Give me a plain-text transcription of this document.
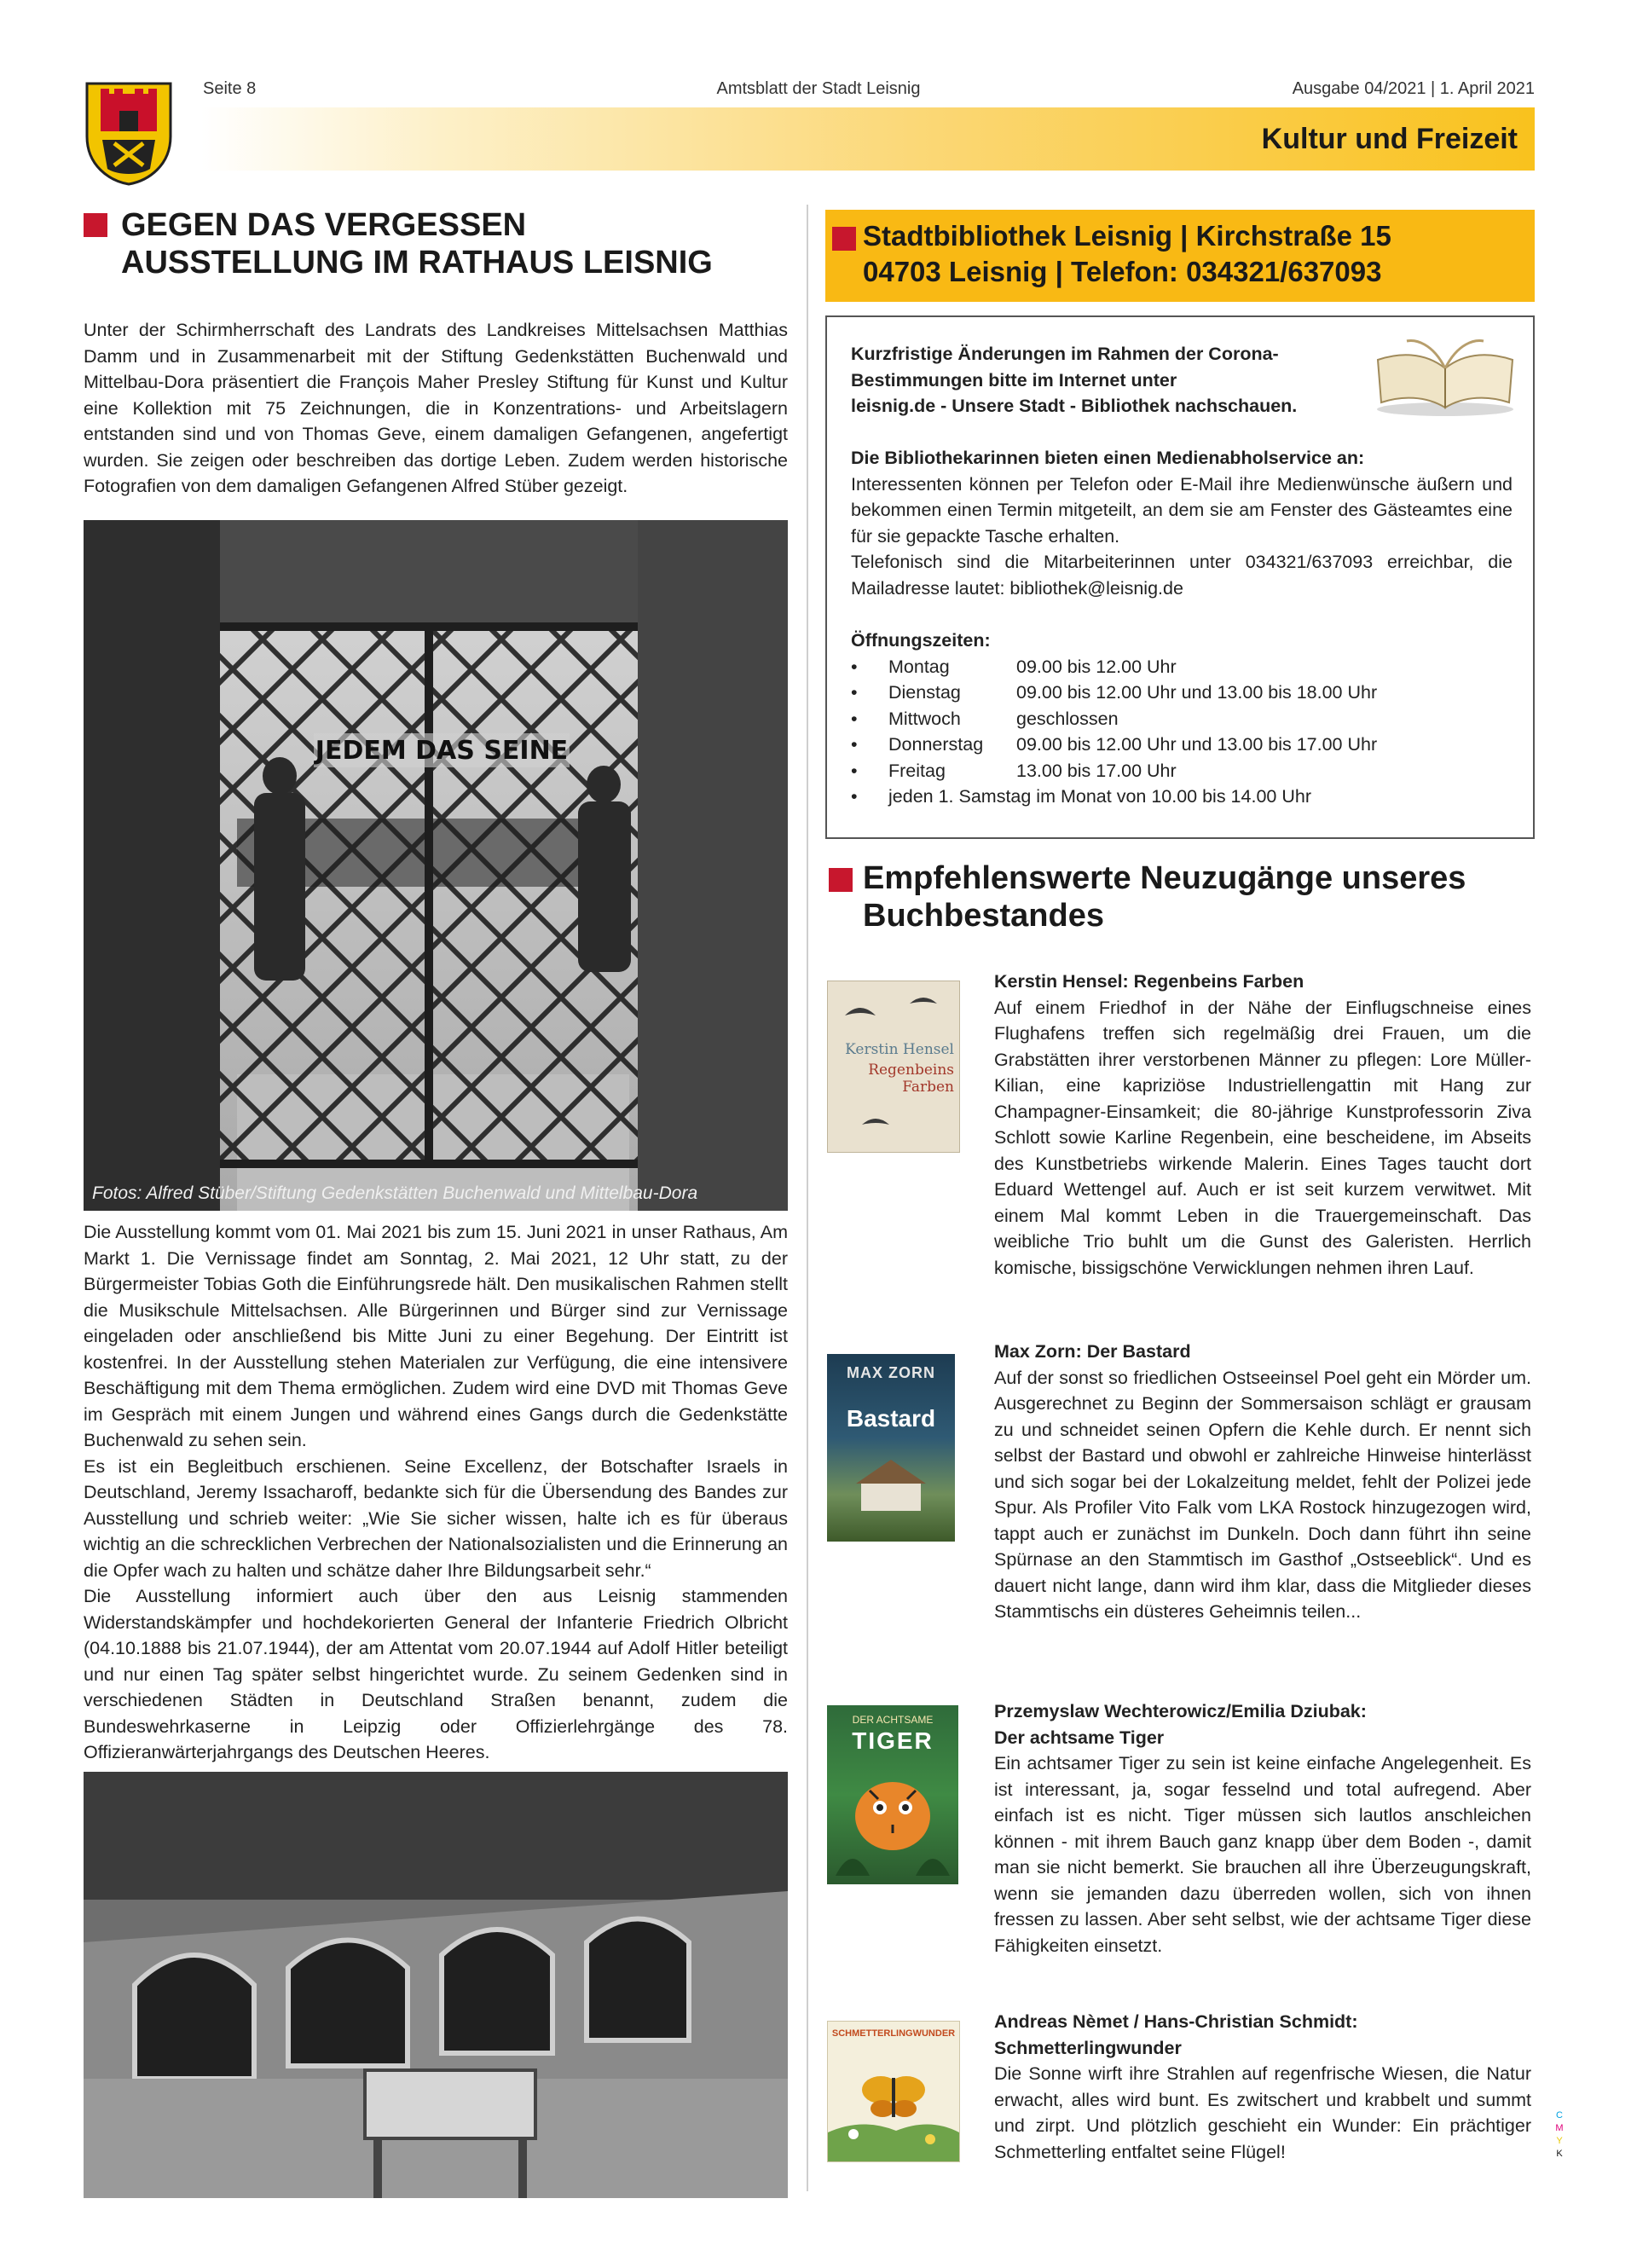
Seite 8	Amtsblatt der Stadt Leisnig	Ausgabe 04/2021 | 1. April 2021
Kultur und Freizeit
GEGEN DAS VERGESSEN
AUSSTELLUNG IM RATHAUS LEISNIG
Unter der Schirmherrschaft des Landrats des Landkreises Mittelsachsen Matthias Damm und in Zusammenarbeit mit der Stiftung Gedenkstätten Buchenwald und Mittelbau-Dora präsentiert die François Maher Presley Stiftung für Kunst und Kultur eine Kollektion mit 75 Zeichnungen, die in Konzentrations- und Arbeitslagern entstanden sind und von Thomas Geve, einem damaligen Gefangenen, angefertigt wurden. Sie zeigen oder beschreiben das dortige Leben. Zudem werden historische Fotografien von dem damaligen Gefangenen Alfred Stüber gezeigt.
JEDEM DAS SEINE
Fotos: Alfred Stüber/Stiftung Gedenkstätten Buchenwald und Mittelbau-Dora
Die Ausstellung kommt vom 01. Mai 2021 bis zum 15. Juni 2021 in unser Rathaus, Am Markt 1. Die Vernissage findet am Sonntag, 2. Mai 2021, 12 Uhr statt, zu der Bürgermeister Tobias Goth die Einführungsrede hält. Den musikalischen Rahmen stellt die Musikschule Mittelsachsen. Alle Bürgerinnen und Bürger sind zur Vernissage eingeladen oder anschließend bis Mitte Juni zu einer Begehung. Der Eintritt ist kostenfrei. In der Ausstellung stehen Materialen zur Verfügung, die eine intensivere Beschäftigung mit dem Thema ermöglichen. Zudem wird eine DVD mit Thomas Geve im Gespräch mit einem Jungen und während eines Gangs durch die Gedenkstätte Buchenwald zu sehen sein.
Es ist ein Begleitbuch erschienen. Seine Excellenz, der Botschafter Israels in Deutschland, Jeremy Issacharoff, bedankte sich für die Übersendung des Bandes zur Ausstellung und schrieb weiter: „Wie Sie sicher wissen, halte ich es für überaus wichtig an die schrecklichen Verbrechen der Nationalsozialisten und die Erinnerung an die Opfer wach zu halten und schätze daher Ihre Bildungsarbeit sehr.“
Die Ausstellung informiert auch über den aus Leisnig stammenden Widerstandskämpfer und hochdekorierten General der Infanterie Friedrich Olbricht (04.10.1888 bis 21.07.1944), der am Attentat vom 20.07.1944 auf Adolf Hitler beteiligt und nur einen Tag später selbst hingerichtet wurde. Zu seinem Gedenken sind in verschiedenen Städten in Deutschland Straßen benannt, zudem die Bundeswehrkaserne in Leipzig oder Offizierlehrgänge des 78. Offizieranwärterjahrgangs des Deutschen Heeres.
Stadtbibliothek Leisnig | Kirchstraße 15
04703 Leisnig | Telefon: 034321/637093
Kurzfristige Änderungen im Rahmen der Corona-
Bestimmungen bitte im Internet unter
leisnig.de - Unsere Stadt - Bibliothek nachschauen.
Die Bibliothekarinnen bieten einen Medienabholservice an:
Interessenten können per Telefon oder E-Mail ihre Medienwünsche äußern und bekommen einen Termin mitgeteilt, an dem sie am Fenster des Gästeamtes eine für sie gepackte Tasche erhalten.
Telefonisch sind die Mitarbeiterinnen unter 034321/637093 erreichbar, die Mailadresse lautet: bibliothek@leisnig.de
Öffnungszeiten:
•	Montag	09.00 bis 12.00 Uhr
•	Dienstag	09.00 bis 12.00 Uhr und 13.00 bis 18.00 Uhr
•	Mittwoch	geschlossen
•	Donnerstag	09.00 bis 12.00 Uhr und 13.00 bis 17.00 Uhr
•	Freitag	13.00 bis 17.00 Uhr
•	jeden 1. Samstag im Monat von 10.00 bis 14.00 Uhr
Empfehlenswerte Neuzugänge unseres
Buchbestandes
Kerstin Hensel
Regenbeins Farben
Kerstin Hensel: Regenbeins Farben
Auf einem Friedhof in der Nähe der Einflugschneise eines Flughafens treffen sich regelmäßig drei Frauen, um die Grabstätten ihrer verstorbenen Männer zu pflegen: Lore Müller-Kilian, eine kapriziöse Industriellengattin mit Hang zur Champagner-Einsamkeit; die 80-jährige Kunstprofessorin Ziva Schlott sowie Karline Regenbein, eine bescheidene, im Abseits des Kunstbetriebs wirkende Malerin. Eines Tages taucht dort Eduard Wettengel auf. Auch er ist seit kurzem verwitwet. Mit einem Mal kommt Leben in die Trauergemeinschaft. Das weibliche Trio buhlt um die Gunst des Galeristen. Herrlich komische, bissigschöne Verwicklungen nehmen ihren Lauf.
MAX ZORN
Bastard
Max Zorn: Der Bastard
Auf der sonst so friedlichen Ostseeinsel Poel geht ein Mörder um. Ausgerechnet zu Beginn der Sommersaison schlägt er grausam zu und schneidet seinen Opfern die Kehle durch. Er nennt sich selbst der Bastard und obwohl er zahlreiche Hinweise hinterlässt und sich sogar bei der Lokalzeitung meldet, fehlt der Polizei jede Spur. Als Profiler Vito Falk vom LKA Rostock hinzugezogen wird, tappt auch er zunächst im Dunkeln. Doch dann führt ihn seine Spürnase an den Stammtisch im Gasthof „Ostseeblick“. Und es dauert nicht lange, dann wird ihm klar, dass die Mitglieder dieses Stammtischs ein düsteres Geheimnis teilen...
DER ACHTSAME
TIGER
Przemyslaw Wechterowicz/Emilia Dziubak:
Der achtsame Tiger
Ein achtsamer Tiger zu sein ist keine einfache Angelegenheit. Es ist interessant, ja, sogar fesselnd und total aufregend. Aber einfach ist es nicht. Tiger müssen sich lautlos anschleichen können - mit ihrem Bauch ganz knapp über dem Boden -, damit man sie nicht bemerkt. Sie brauchen all ihre Überzeugungskraft, wenn sie jemanden dazu überreden wollen, sich von ihnen fressen zu lassen. Aber seht selbst, wie der achtsame Tiger diese Fähigkeiten einsetzt.
SCHMETTERLINGWUNDER
Andreas Nèmet / Hans-Christian Schmidt:
Schmetterlingwunder
Die Sonne wirft ihre Strahlen auf regenfrische Wiesen, die Natur erwacht, alles wird bunt. Es zwitschert und krabbelt und summt und zirpt. Und plötzlich geschieht ein Wunder: Ein prächtiger Schmetterling entfaltet seine Flügel!
C
M
Y
K
